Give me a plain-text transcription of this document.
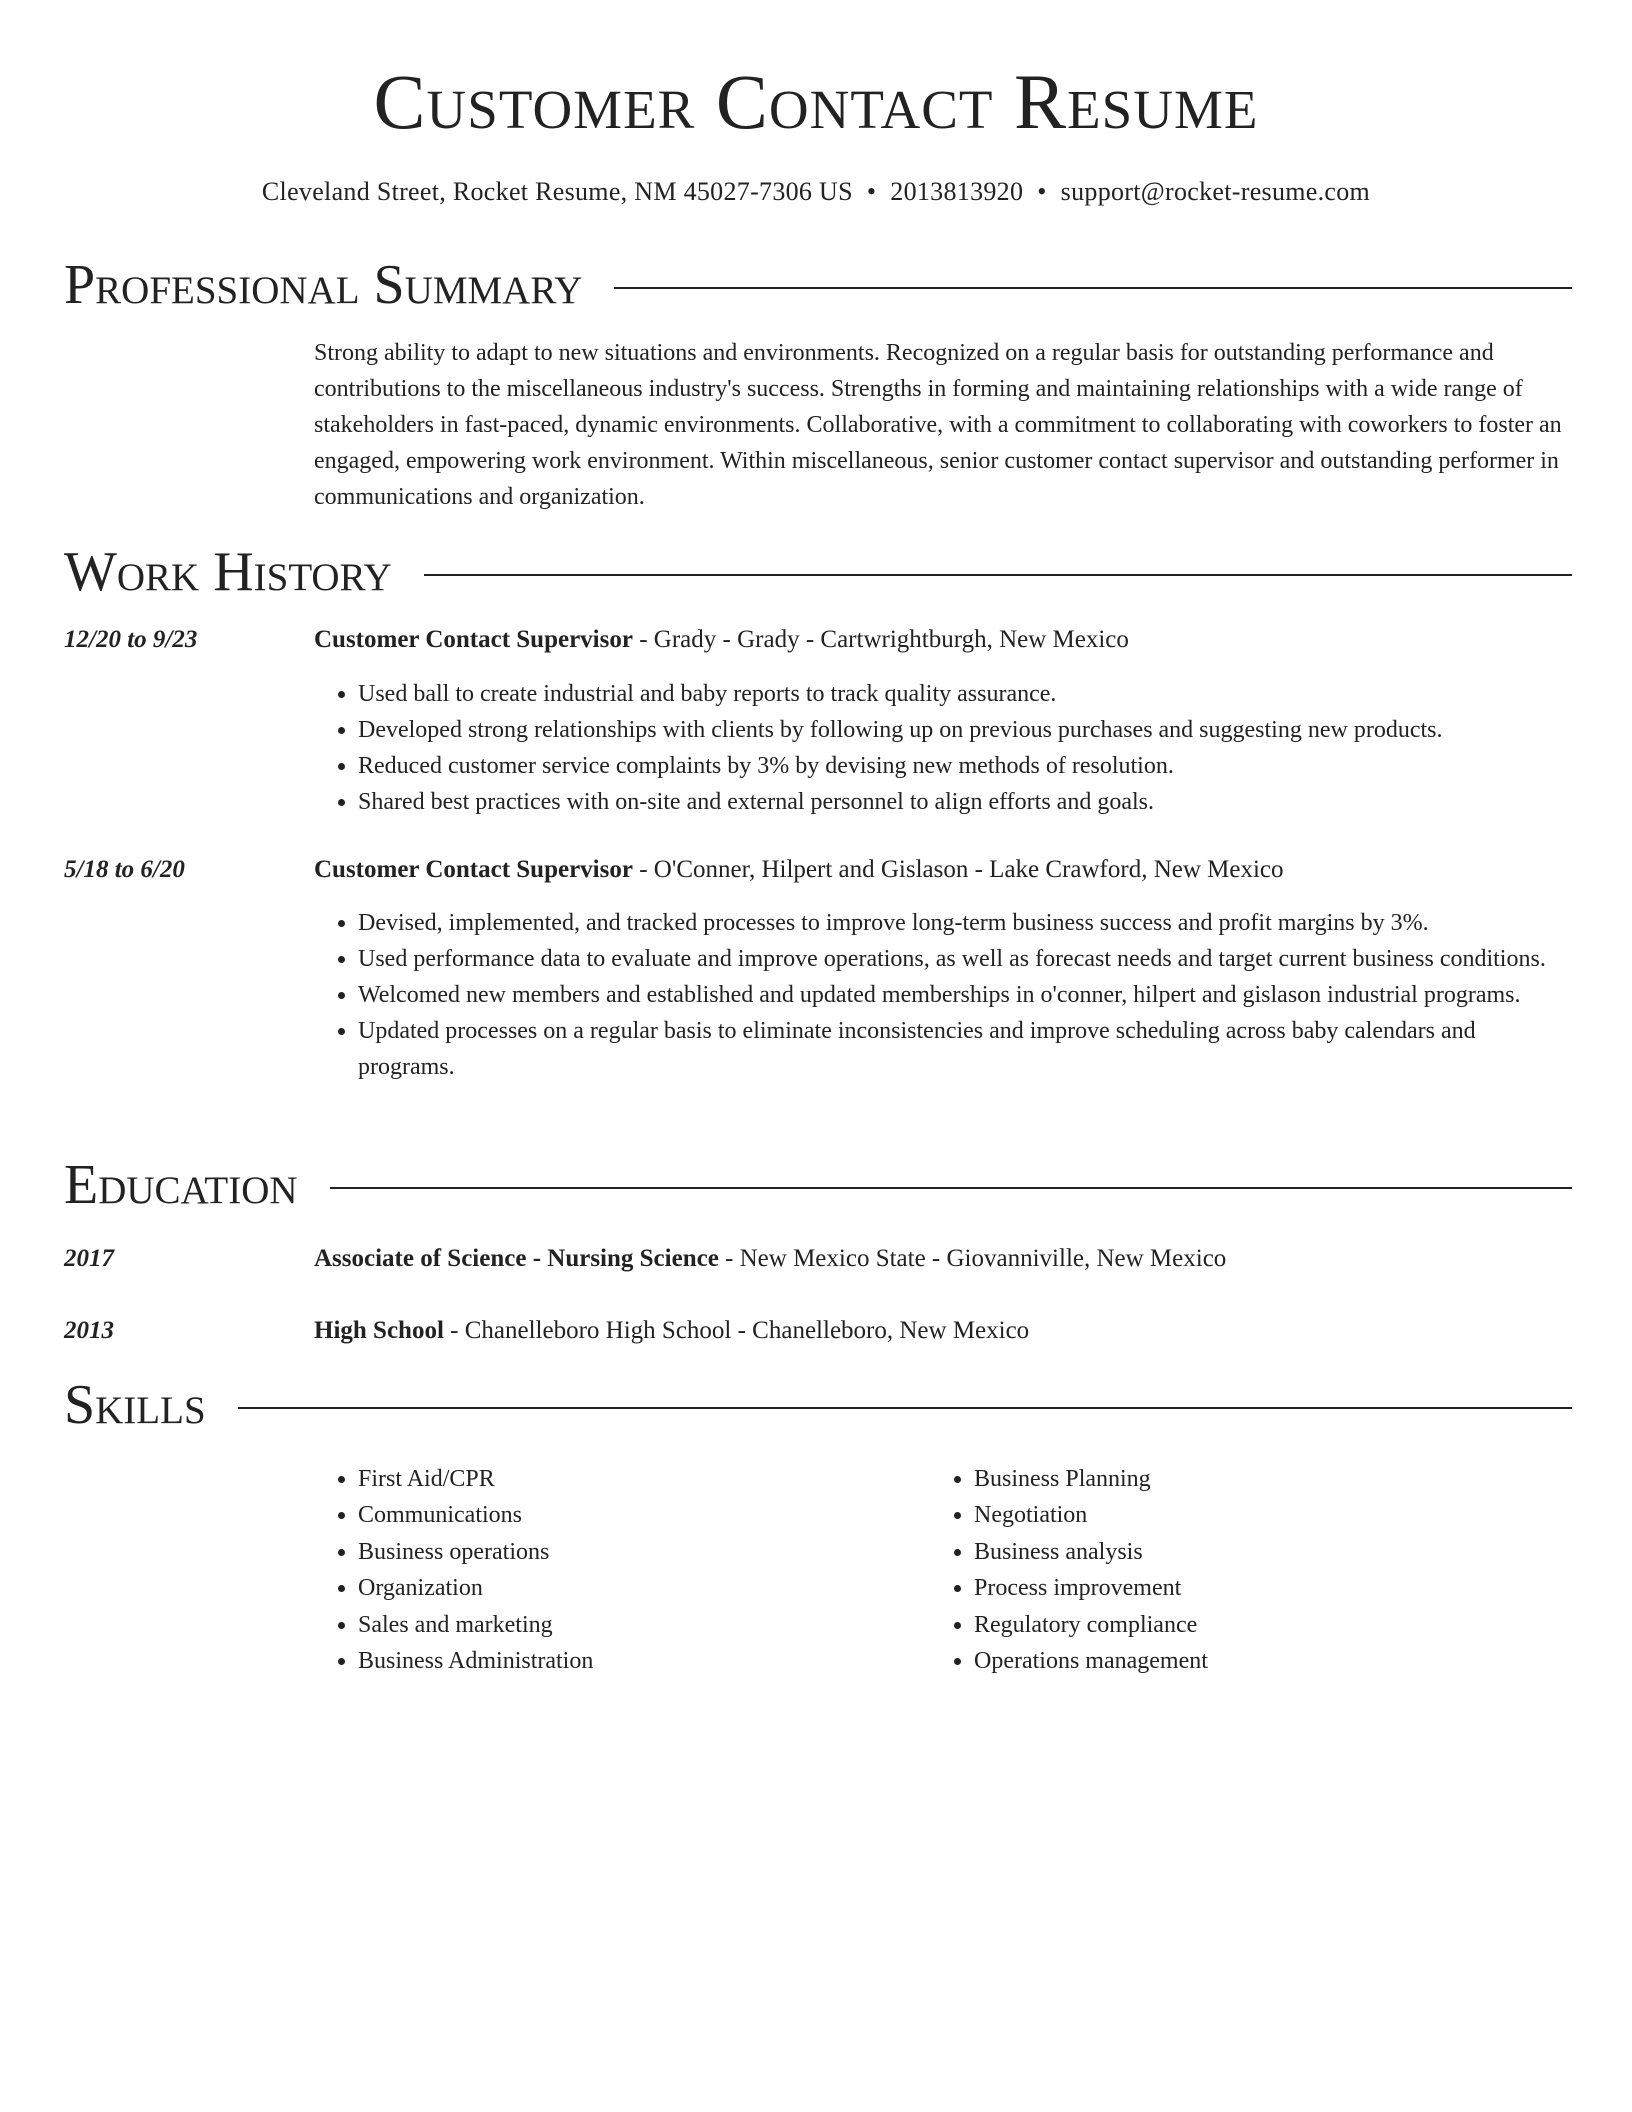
Customer Contact Resume
Cleveland Street, Rocket Resume, NM 45027-7306 US • 2013813920 • support@rocket-resume.com
Professional Summary
Strong ability to adapt to new situations and environments. Recognized on a regular basis for outstanding performance and contributions to the miscellaneous industry's success. Strengths in forming and maintaining relationships with a wide range of stakeholders in fast-paced, dynamic environments. Collaborative, with a commitment to collaborating with coworkers to foster an engaged, empowering work environment. Within miscellaneous, senior customer contact supervisor and outstanding performer in communications and organization.
Work History
12/20 to 9/23	Customer Contact Supervisor - Grady - Grady - Cartwrightburgh, New Mexico
• Used ball to create industrial and baby reports to track quality assurance.
• Developed strong relationships with clients by following up on previous purchases and suggesting new products.
• Reduced customer service complaints by 3% by devising new methods of resolution.
• Shared best practices with on-site and external personnel to align efforts and goals.
5/18 to 6/20	Customer Contact Supervisor - O'Conner, Hilpert and Gislason - Lake Crawford, New Mexico
• Devised, implemented, and tracked processes to improve long-term business success and profit margins by 3%.
• Used performance data to evaluate and improve operations, as well as forecast needs and target current business conditions.
• Welcomed new members and established and updated memberships in o'conner, hilpert and gislason industrial programs.
• Updated processes on a regular basis to eliminate inconsistencies and improve scheduling across baby calendars and programs.
Education
2017	Associate of Science - Nursing Science - New Mexico State - Giovanniville, New Mexico
2013	High School - Chanelleboro High School - Chanelleboro, New Mexico
Skills
• First Aid/CPR
• Communications
• Business operations
• Organization
• Sales and marketing
• Business Administration
• Business Planning
• Negotiation
• Business analysis
• Process improvement
• Regulatory compliance
• Operations management
